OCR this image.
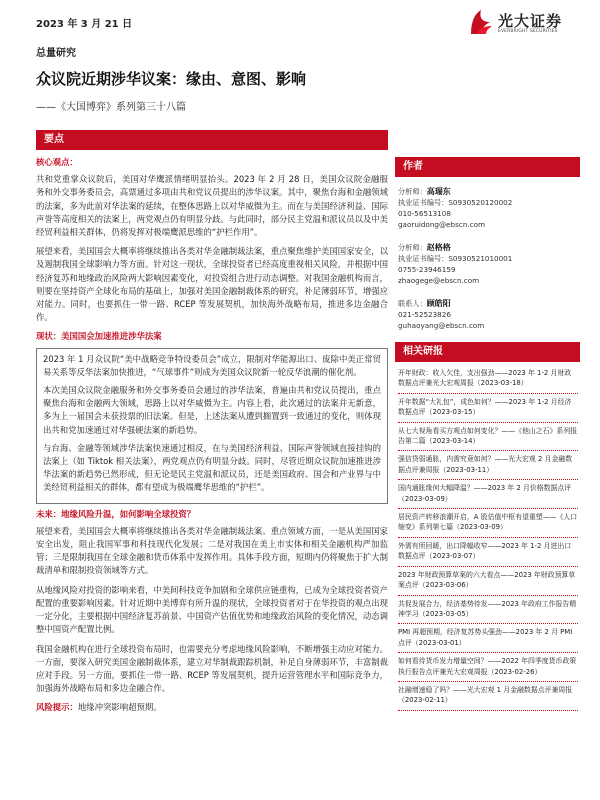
2023 年 3 月 21 日	光大证券
EVERBRIGHT SECURITIES
总量研究
众议院近期涉华议案：缘由、意图、影响
——《大国博弈》系列第三十八篇
要点
核心观点：

共和党重掌众议院后，美国对华鹰派情绪明显抬头。2023 年 2 月 28 日，美国众议院金融服务和外交事务委员会，高票通过多项由共和党议员提出的涉华议案。其中，聚焦台海和金融领域的法案，多为此前对华法案的延续，在整体思路上以对华威慑为主。而在与美国经济利益、国际声誉等高度相关的法案上，两党观点仍有明显分歧。与此同时，部分民主党温和派议员以及中美经贸利益相关群体，仍将发挥对极端鹰派思维的“护栏作用”。

展望来看，美国国会大概率将继续推出各类对华金融制裁法案，重点聚焦维护美国国家安全，以及遏制我国全球影响力等方面。针对这一现状，全球投资者已经高度重视相关风险，并根据中国经济复苏和地缘政治风险两大影响因素变化，对投资组合进行动态调整。对我国金融机构而言，则要在坚持资产全球化布局的基础上，加强对美国金融制裁体系的研究，补足薄弱环节，增强应对能力。同时，也要抓住一带一路、RCEP 等发展契机，加快海外战略布局，推进多边金融合作。

现状：美国国会加速推进涉华法案

2023 年 1 月众议院“美中战略竞争特设委员会”成立，限制对华能源出口、废除中美正常贸易关系等反华法案加快推进，“气球事件”则成为美国众议院新一轮反华浪潮的催化剂。

本次美国众议院金融服务和外交事务委员会通过的涉华法案，普遍由共和党议员提出，重点聚焦台海和金融两大领域，思路上以对华威慑为主。内容上看，此次通过的法案并无新意，多为上一届国会未获投票的旧法案。但是，上述法案从遭到搁置到一致通过的变化，则体现出共和党加速通过对华强硬法案的新趋势。

与台海、金融等领域涉华法案快速通过相反，在与美国经济利益、国际声誉领域直接挂钩的法案上（如 Tiktok 相关法案），两党观点仍有明显分歧。同时，尽管近期众议院加速推进涉华法案的新趋势已然形成，但无论是民主党温和派议员，还是美国政府、国会和产业界与中美经贸利益相关的群体，都有望成为极端鹰华思维的“护栏”。

未来：地缘风险升温，如何影响全球投资？

展望来看，美国国会大概率将继续推出各类对华金融制裁法案。重点领域方面，一是从美国国家安全出发，阻止我国军事和科技现代化发展；二是对我国在美上市实体和相关金融机构严加监管；三是限制我国在全球金融和货币体系中发挥作用。具体手段方面，短期内仍将聚焦于扩大制裁清单和限制投资领域等方式。

从地缘风险对投资的影响来看，中美间科技竞争加剧和全球供应链重构，已成为全球投资者资产配置的重要影响因素。针对近期中美博弈有所升温的现状，全球投资者对于在华投资的观点出现一定分化，主要根据中国经济复苏前景、中国资产估值优势和地缘政治风险的变化情况，动态调整中国资产配置比例。

我国金融机构在进行全球投资布局时，也需要充分考虑地缘风险影响，不断增强主动应对能力。一方面，要深入研究美国金融制裁体系，建立对华制裁跟踪机制，补足自身薄弱环节，丰富制裁应对手段。另一方面，要抓住一带一路、RCEP 等发展契机，提升运营管理水平和国际竞争力，加强海外战略布局和多边金融合作。

风险提示：地缘冲突影响超预期。
作者
分析师：高瑞东
执业证书编号：S0930520120002
010-56513108
gaoruidong@ebscn.com
分析师：赵格格
执业证书编号：S0930521010001
0755-23946159
zhaogege@ebscn.com
联系人：顾皓阳
021-52523826
guhaoyang@ebscn.com
相关研报
开年财政：收入欠佳，支出强劲——2023 年 1-2 月财政数据点评兼光大宏观周报（2023-03-18）
开年数据“大礼包”，成色如何？——2023 年 1-2 月经济数据点评（2023-03-15）
从七大视角看买方观点如何变化？——《他山之石》系列报告第二篇（2023-03-14）
强信贷弱通胀，内需究竟如何？——光大宏观 2 月金融数据点评兼周报（2023-03-11）
国内通胀缘何大幅降温？——2023 年 2 月价格数据点评（2023-03-09）
居民资产转移浪潮开启，A 股估值中枢有望重塑——《人口缩变》系列第七篇（2023-03-09）
外需有所回暖，出口降幅收窄——2023 年 1-2 月进出口数据点评（2023-03-07）
2023 年财政预算草案的六大看点——2023 年财政预算草案点评（2023-03-06）
共促发展合力，经济基势待发——2023 年政府工作报告精神学习（2023-03-05）
PMI 再超预期，经济复苏势头强劲——2023 年 2 月 PMI 点评（2023-03-01）
如何看待货币发力增量空间？——2022 年四季度货币政策执行报告点评兼光大宏观周报（2023-02-26）
社融增速稳了吗？——光大宏观 1 月金融数据点评兼周报（2023-02-11）
